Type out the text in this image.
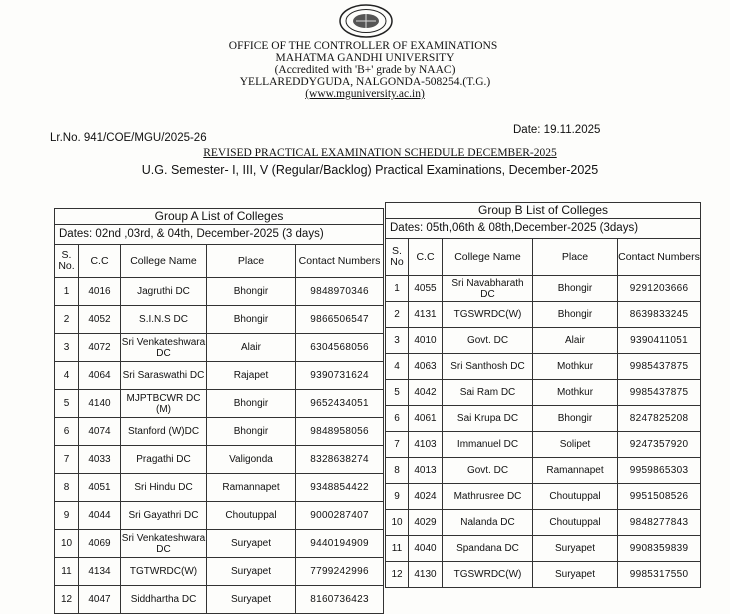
OFFICE OF THE CONTROLLER OF EXAMINATIONS
MAHATMA GANDHI UNIVERSITY
(Accredited with 'B+' grade by NAAC)
YELLAREDDYGUDA, NALGONDA-508254.(T.G.)
(www.mguniversity.ac.in)
Lr.No. 941/COE/MGU/2025-26
Date: 19.11.2025
REVISED PRACTICAL EXAMINATION SCHEDULE DECEMBER-2025
U.G. Semester- I, III, V (Regular/Backlog) Practical Examinations, December-2025
Group A List of Colleges				
Dates: 02nd ,03rd, & 04th, December-2025 (3 days)				
S. No.	C.C	College Name	Place	Contact Numbers
1	4016	Jagruthi DC	Bhongir	9848970346
2	4052	S.I.N.S DC	Bhongir	9866506547
3	4072	Sri Venkateshwara DC	Alair	6304568056
4	4064	Sri Saraswathi DC	Rajapet	9390731624
5	4140	MJPTBCWR DC (M)	Bhongir	9652434051
6	4074	Stanford (W)DC	Bhongir	9848958056
7	4033	Pragathi DC	Valigonda	8328638274
8	4051	Sri Hindu DC	Ramannapet	9348854422
9	4044	Sri Gayathri DC	Choutuppal	9000287407
10	4069	Sri Venkateshwara DC	Suryapet	9440194909
11	4134	TGTWRDC(W)	Suryapet	7799242996
12	4047	Siddhartha DC	Suryapet	8160736423
Group B List of Colleges				
Dates: 05th,06th & 08th,December-2025 (3days)				
S. No	C.C	College Name	Place	Contact Numbers
1	4055	Sri Navabharath DC	Bhongir	9291203666
2	4131	TGSWRDC(W)	Bhongir	8639833245
3	4010	Govt. DC	Alair	9390411051
4	4063	Sri Santhosh DC	Mothkur	9985437875
5	4042	Sai Ram DC	Mothkur	9985437875
6	4061	Sai Krupa DC	Bhongir	8247825208
7	4103	Immanuel DC	Solipet	9247357920
8	4013	Govt. DC	Ramannapet	9959865303
9	4024	Mathrusree DC	Choutuppal	9951508526
10	4029	Nalanda DC	Choutuppal	9848277843
11	4040	Spandana DC	Suryapet	9908359839
12	4130	TGSWRDC(W)	Suryapet	9985317550
